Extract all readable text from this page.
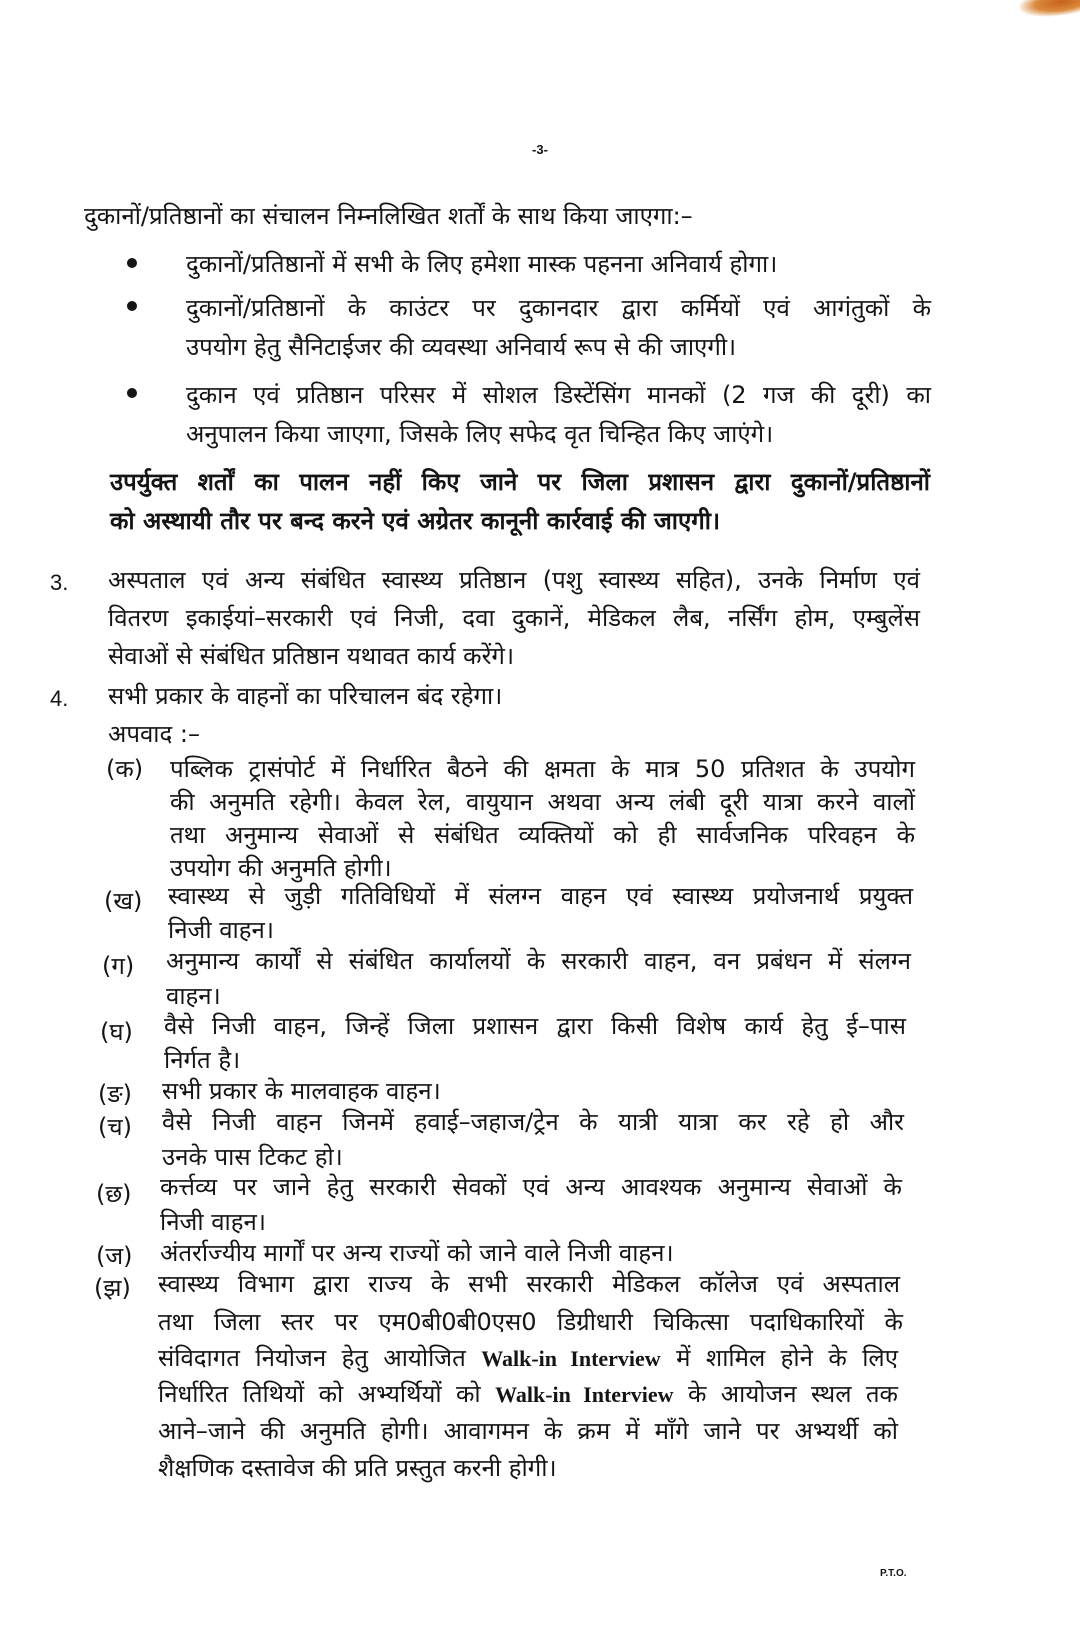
-3-
दुकानों/प्रतिष्ठानों का संचालन निम्नलिखित शर्तों के साथ किया जाएगा:–
दुकानों/प्रतिष्ठानों में सभी के लिए हमेशा मास्क पहनना अनिवार्य होगा।
दुकानों/प्रतिष्ठानों के काउंटर पर दुकानदार द्वारा कर्मियों एवं आगंतुकों के
उपयोग हेतु सैनिटाईजर की व्यवस्था अनिवार्य रूप से की जाएगी।
दुकान एवं प्रतिष्ठान परिसर में सोशल डिस्टेंसिंग मानकों (2 गज की दूरी) का
अनुपालन किया जाएगा, जिसके लिए सफेद वृत चिन्हित किए जाएंगे।
उपर्युक्त शर्तों का पालन नहीं किए जाने पर जिला प्रशासन द्वारा दुकानों/प्रतिष्ठानों
को अस्थायी तौर पर बन्द करने एवं अग्रेतर कानूनी कार्रवाई की जाएगी।
3. अस्पताल एवं अन्य संबंधित स्वास्थ्य प्रतिष्ठान (पशु स्वास्थ्य सहित), उनके निर्माण एवं
वितरण इकाईयां–सरकारी एवं निजी, दवा दुकानें, मेडिकल लैब, नर्सिंग होम, एम्बुलेंस
सेवाओं से संबंधित प्रतिष्ठान यथावत कार्य करेंगे।
4. सभी प्रकार के वाहनों का परिचालन बंद रहेगा।
अपवाद :–
(क) पब्लिक ट्रासंपोर्ट में निर्धारित बैठने की क्षमता के मात्र 50 प्रतिशत के उपयोग
की अनुमति रहेगी। केवल रेल, वायुयान अथवा अन्य लंबी दूरी यात्रा करने वालों
तथा अनुमान्य सेवाओं से संबंधित व्यक्तियों को ही सार्वजनिक परिवहन के
उपयोग की अनुमति होगी।
(ख) स्वास्थ्य से जुड़ी गतिविधियों में संलग्न वाहन एवं स्वास्थ्य प्रयोजनार्थ प्रयुक्त
निजी वाहन।
(ग) अनुमान्य कार्यों से संबंधित कार्यालयों के सरकारी वाहन, वन प्रबंधन में संलग्न
वाहन।
(घ) वैसे निजी वाहन, जिन्हें जिला प्रशासन द्वारा किसी विशेष कार्य हेतु ई–पास
निर्गत है।
(ङ) सभी प्रकार के मालवाहक वाहन।
(च) वैसे निजी वाहन जिनमें हवाई–जहाज/ट्रेन के यात्री यात्रा कर रहे हो और
उनके पास टिकट हो।
(छ) कर्त्तव्य पर जाने हेतु सरकारी सेवकों एवं अन्य आवश्यक अनुमान्य सेवाओं के
निजी वाहन।
(ज) अंतर्राज्यीय मार्गों पर अन्य राज्यों को जाने वाले निजी वाहन।
(झ) स्वास्थ्य विभाग द्वारा राज्य के सभी सरकारी मेडिकल कॉलेज एवं अस्पताल
तथा जिला स्तर पर एम0बी0बी0एस0 डिग्रीधारी चिकित्सा पदाधिकारियों के
संविदागत नियोजन हेतु आयोजित Walk-in Interview में शामिल होने के लिए
निर्धारित तिथियों को अभ्यर्थियों को Walk-in Interview के आयोजन स्थल तक
आने–जाने की अनुमति होगी। आवागमन के क्रम में माँगे जाने पर अभ्यर्थी को
शैक्षणिक दस्तावेज की प्रति प्रस्तुत करनी होगी।
P.T.O.
